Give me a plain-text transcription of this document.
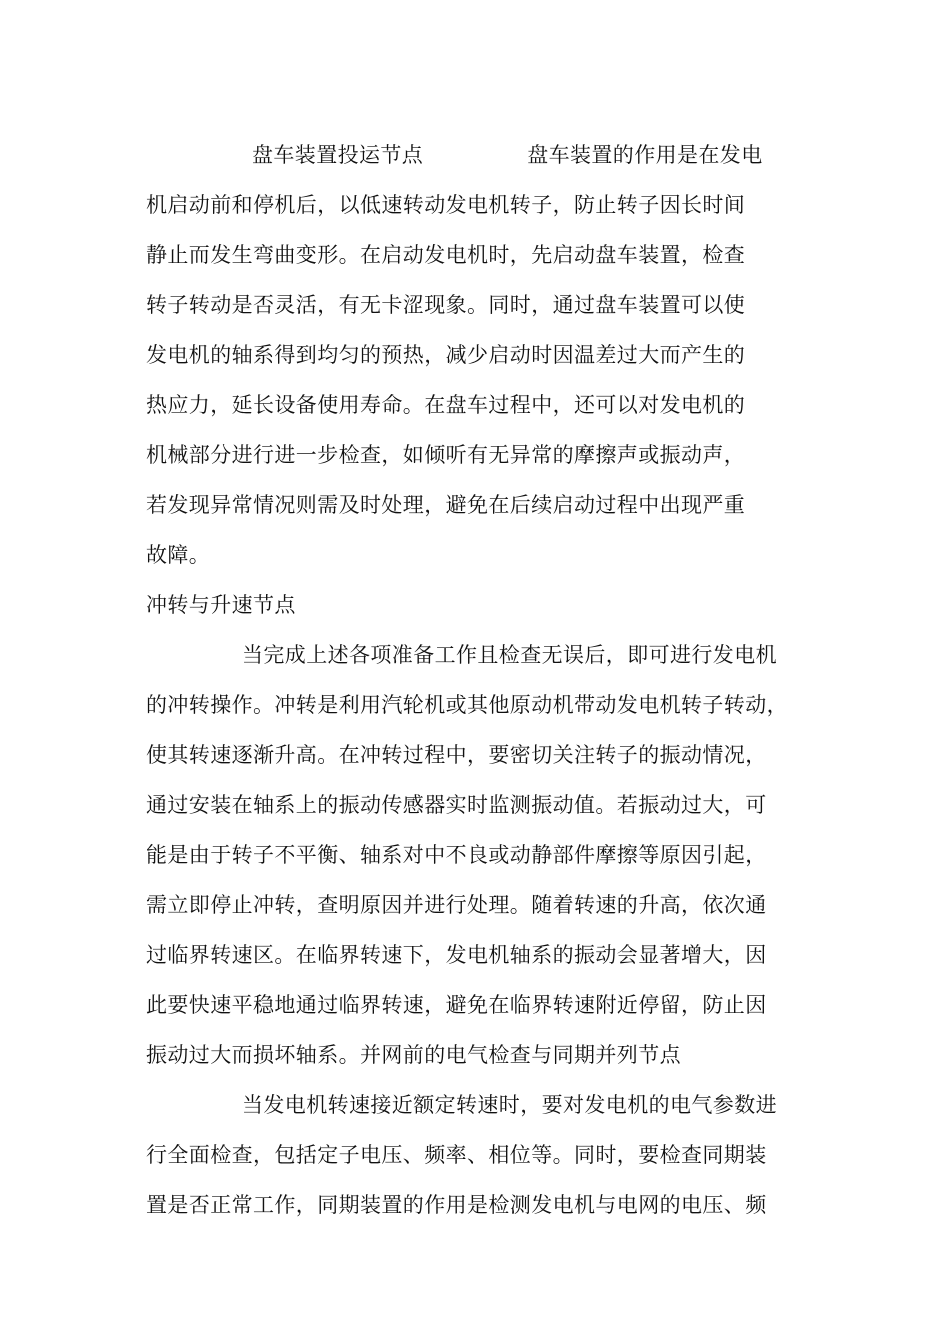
盘车装置投运节点	盘车装置的作用是在发电
机启动前和停机后，以低速转动发电机转子，防止转子因长时间
静止而发生弯曲变形。在启动发电机时，先启动盘车装置，检查
转子转动是否灵活，有无卡涩现象。同时，通过盘车装置可以使
发电机的轴系得到均匀的预热，减少启动时因温差过大而产生的
热应力，延长设备使用寿命。在盘车过程中，还可以对发电机的
机械部分进行进一步检查，如倾听有无异常的摩擦声或振动声，
若发现异常情况则需及时处理，避免在后续启动过程中出现严重
故障。
冲转与升速节点
当完成上述各项准备工作且检查无误后，即可进行发电机
的冲转操作。冲转是利用汽轮机或其他原动机带动发电机转子转动，
使其转速逐渐升高。在冲转过程中，要密切关注转子的振动情况，
通过安装在轴系上的振动传感器实时监测振动值。若振动过大，可
能是由于转子不平衡、轴系对中不良或动静部件摩擦等原因引起，
需立即停止冲转，查明原因并进行处理。随着转速的升高，依次通
过临界转速区。在临界转速下，发电机轴系的振动会显著增大，因
此要快速平稳地通过临界转速，避免在临界转速附近停留，防止因
振动过大而损坏轴系。并网前的电气检查与同期并列节点
当发电机转速接近额定转速时，要对发电机的电气参数进
行全面检查，包括定子电压、频率、相位等。同时，要检查同期装
置是否正常工作，同期装置的作用是检测发电机与电网的电压、频
